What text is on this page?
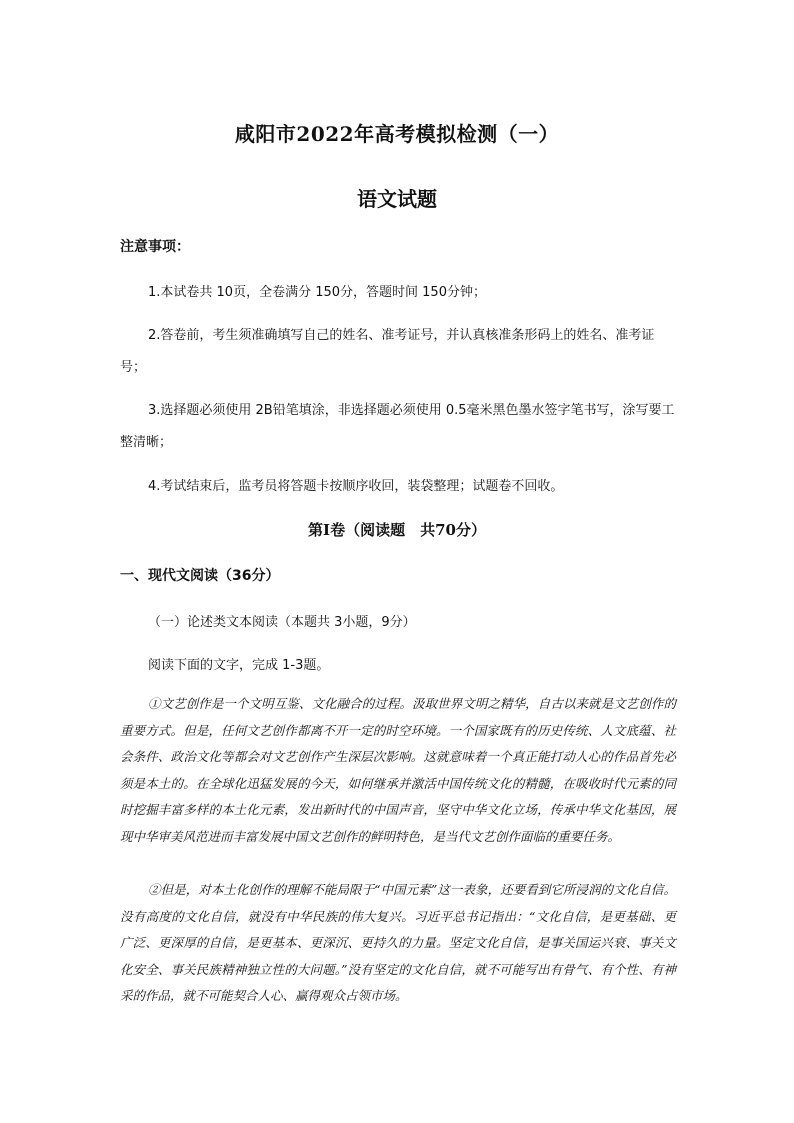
咸阳市2022年高考模拟检测（一）
语文试题
注意事项：
1.本试卷共 10页，全卷满分 150分，答题时间 150分钟；
2.答卷前，考生须准确填写自己的姓名、准考证号，并认真核准条形码上的姓名、准考证号；
3.选择题必须使用 2B铅笔填涂，非选择题必须使用 0.5毫米黑色墨水签字笔书写，涂写要工整清晰；
4.考试结束后，监考员将答题卡按顺序收回，装袋整理；试题卷不回收。
第Ⅰ卷（阅读题　共70分）
一、现代文阅读（36分）
（一）论述类文本阅读（本题共 3小题，9分）
阅读下面的文字，完成 1-3题。
①文艺创作是一个文明互鉴、文化融合的过程。汲取世界文明之精华，自古以来就是文艺创作的重要方式。但是，任何文艺创作都离不开一定的时空环境。一个国家既有的历史传统、人文底蕴、社会条件、政治文化等都会对文艺创作产生深层次影响。这就意味着一个真正能打动人心的作品首先必须是本土的。在全球化迅猛发展的今天，如何继承并激活中国传统文化的精髓，在吸收时代元素的同时挖掘丰富多样的本土化元素，发出新时代的中国声音，坚守中华文化立场，传承中华文化基因，展现中华审美风范进而丰富发展中国文艺创作的鲜明特色，是当代文艺创作面临的重要任务。
②但是，对本土化创作的理解不能局限于“中国元素”这一表象，还要看到它所浸润的文化自信。没有高度的文化自信，就没有中华民族的伟大复兴。习近平总书记指出：“文化自信，是更基础、更广泛、更深厚的自信，是更基本、更深沉、更持久的力量。坚定文化自信，是事关国运兴衰、事关文化安全、事关民族精神独立性的大问题。”没有坚定的文化自信，就不可能写出有骨气、有个性、有神采的作品，就不可能契合人心、赢得观众占领市场。
